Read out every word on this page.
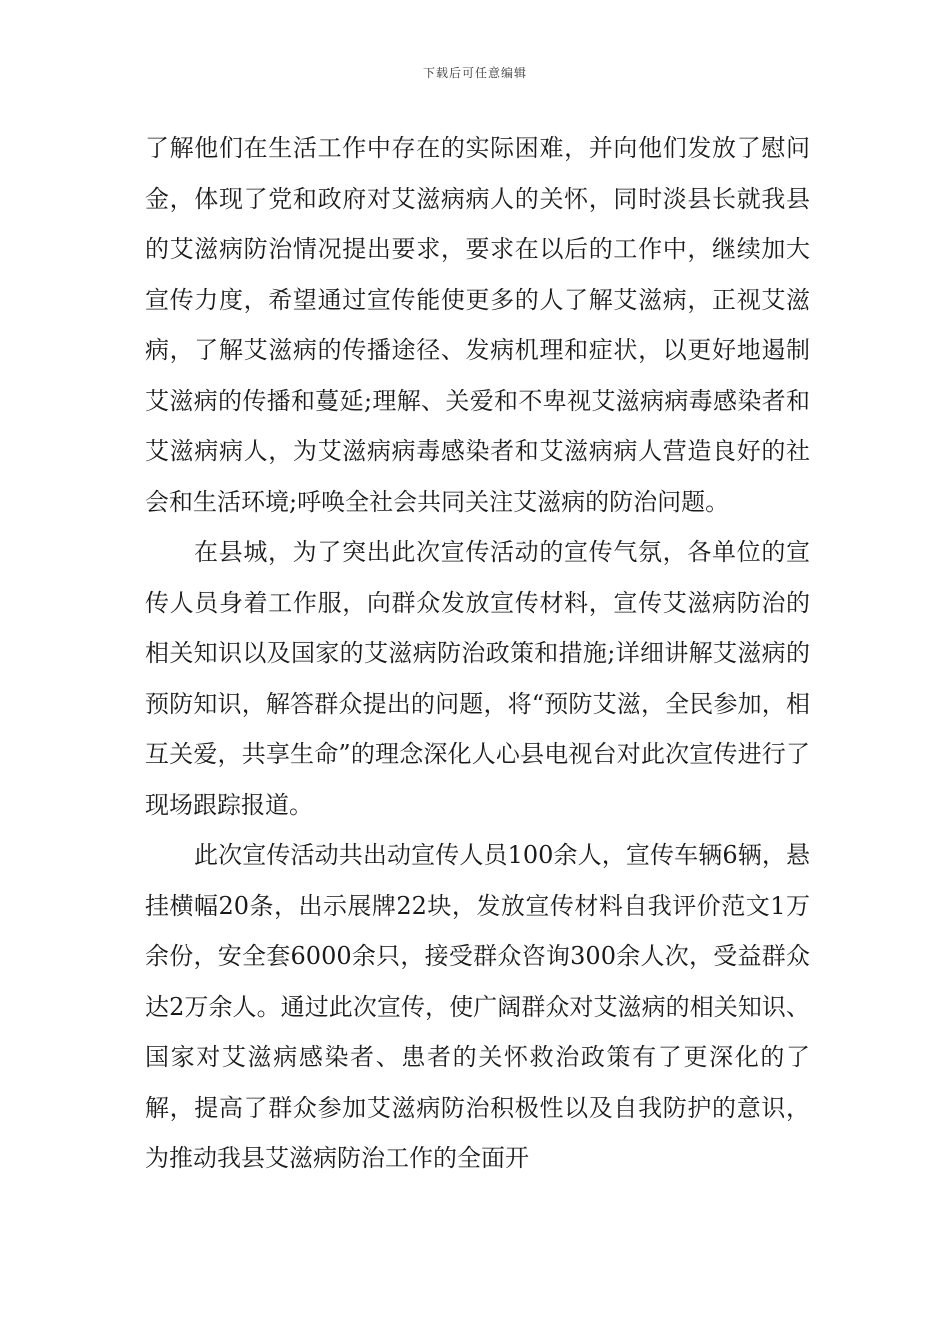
下载后可任意编辑

了解他们在生活工作中存在的实际困难，并向他们发放了慰问金，体现了党和政府对艾滋病病人的关怀，同时淡县长就我县的艾滋病防治情况提出要求，要求在以后的工作中，继续加大宣传力度，希望通过宣传能使更多的人了解艾滋病，正视艾滋病，了解艾滋病的传播途径、发病机理和症状，以更好地遏制艾滋病的传播和蔓延;理解、关爱和不卑视艾滋病病毒感染者和艾滋病病人，为艾滋病病毒感染者和艾滋病病人营造良好的社会和生活环境;呼唤全社会共同关注艾滋病的防治问题。

在县城，为了突出此次宣传活动的宣传气氛，各单位的宣传人员身着工作服，向群众发放宣传材料，宣传艾滋病防治的相关知识以及国家的艾滋病防治政策和措施;详细讲解艾滋病的预防知识，解答群众提出的问题，将“预防艾滋，全民参加，相互关爱，共享生命”的理念深化人心县电视台对此次宣传进行了现场跟踪报道。

此次宣传活动共出动宣传人员100余人，宣传车辆6辆，悬挂横幅20条，出示展牌22块，发放宣传材料自我评价范文1万余份，安全套6000余只，接受群众咨询300余人次，受益群众达2万余人。通过此次宣传，使广阔群众对艾滋病的相关知识、国家对艾滋病感染者、患者的关怀救治政策有了更深化的了解，提高了群众参加艾滋病防治积极性以及自我防护的意识，为推动我县艾滋病防治工作的全面开
